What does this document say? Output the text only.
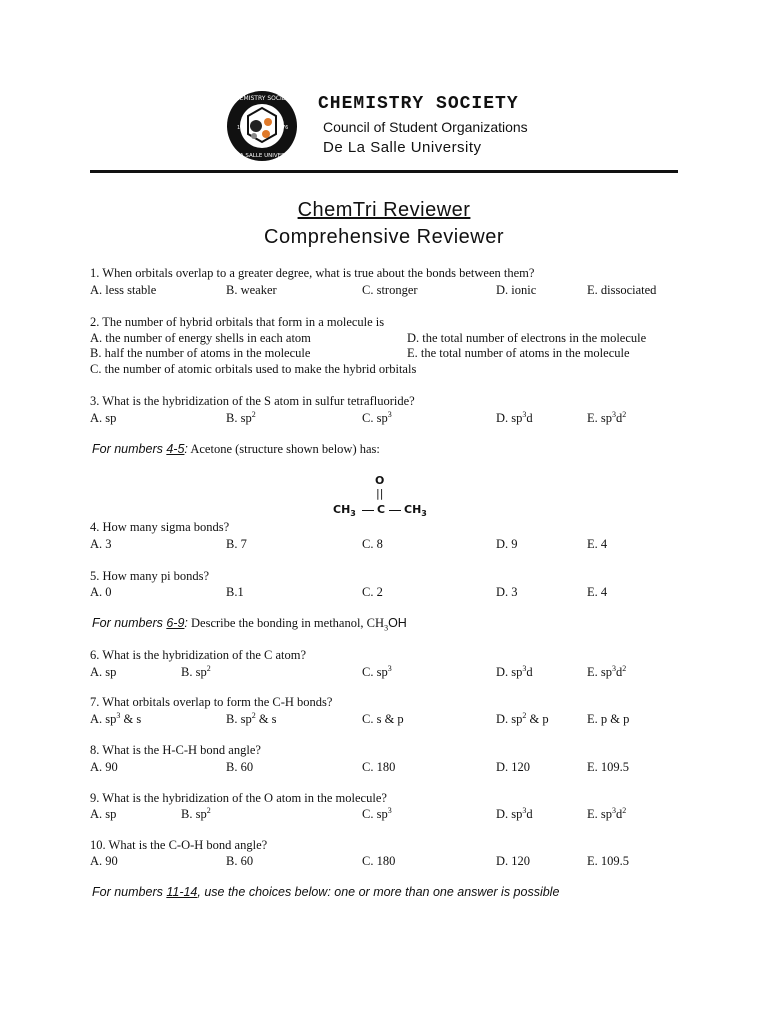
CHEMISTRY SOCIETY
19	76
DE LA SALLE UNIVERSITY
CHEMISTRY SOCIETY
Council of Student Organizations
De La Salle University
ChemTri Reviewer
Comprehensive Reviewer
1. When orbitals overlap to a greater degree, what is true about the bonds between them?
A. less stable	B. weaker	C. stronger	D. ionic	E. dissociated
2. The number of hybrid orbitals that form in a molecule is
A. the number of energy shells in each atom	D. the total number of electrons in the molecule
B. half the number of atoms in the molecule	E. the total number of atoms in the molecule
C. the number of atomic orbitals used to make the hybrid orbitals
3. What is the hybridization of the S atom in sulfur tetrafluoride?
A. sp	B. $sp^2$	C. $sp^3$	D. $sp^3d$	E. $sp^3d^2$
For numbers 4-5: Acetone (structure shown below) has:
O
||
$CH_3$ C $CH_3$
4. How many sigma bonds?
A. 3	B. 7	C. 8	D. 9	E. 4
5. How many pi bonds?
A. 0	B.1	C. 2	D. 3	E. 4
For numbers 6-9: Describe the bonding in methanol, $CH_3OH$
6. What is the hybridization of the C atom?
A. sp	B. $sp^2$	C. $sp^3$	D. $sp^3d$	E. $sp^3d^2$
7. What orbitals overlap to form the C-H bonds?
A. $sp^3$ & s	B. $sp^2$ & s	C. s & p	D. $sp^2$ & p	E. p & p
8. What is the H-C-H bond angle?
A. 90	B. 60	C. 180	D. 120	E. 109.5
9. What is the hybridization of the O atom in the molecule?
A. sp	B. $sp^2$	C. $sp^3$	D. $sp^3d$	E. $sp^3d^2$
10. What is the C-O-H bond angle?
A. 90	B. 60	C. 180	D. 120	E. 109.5
For numbers 11-14, use the choices below: one or more than one answer is possible
